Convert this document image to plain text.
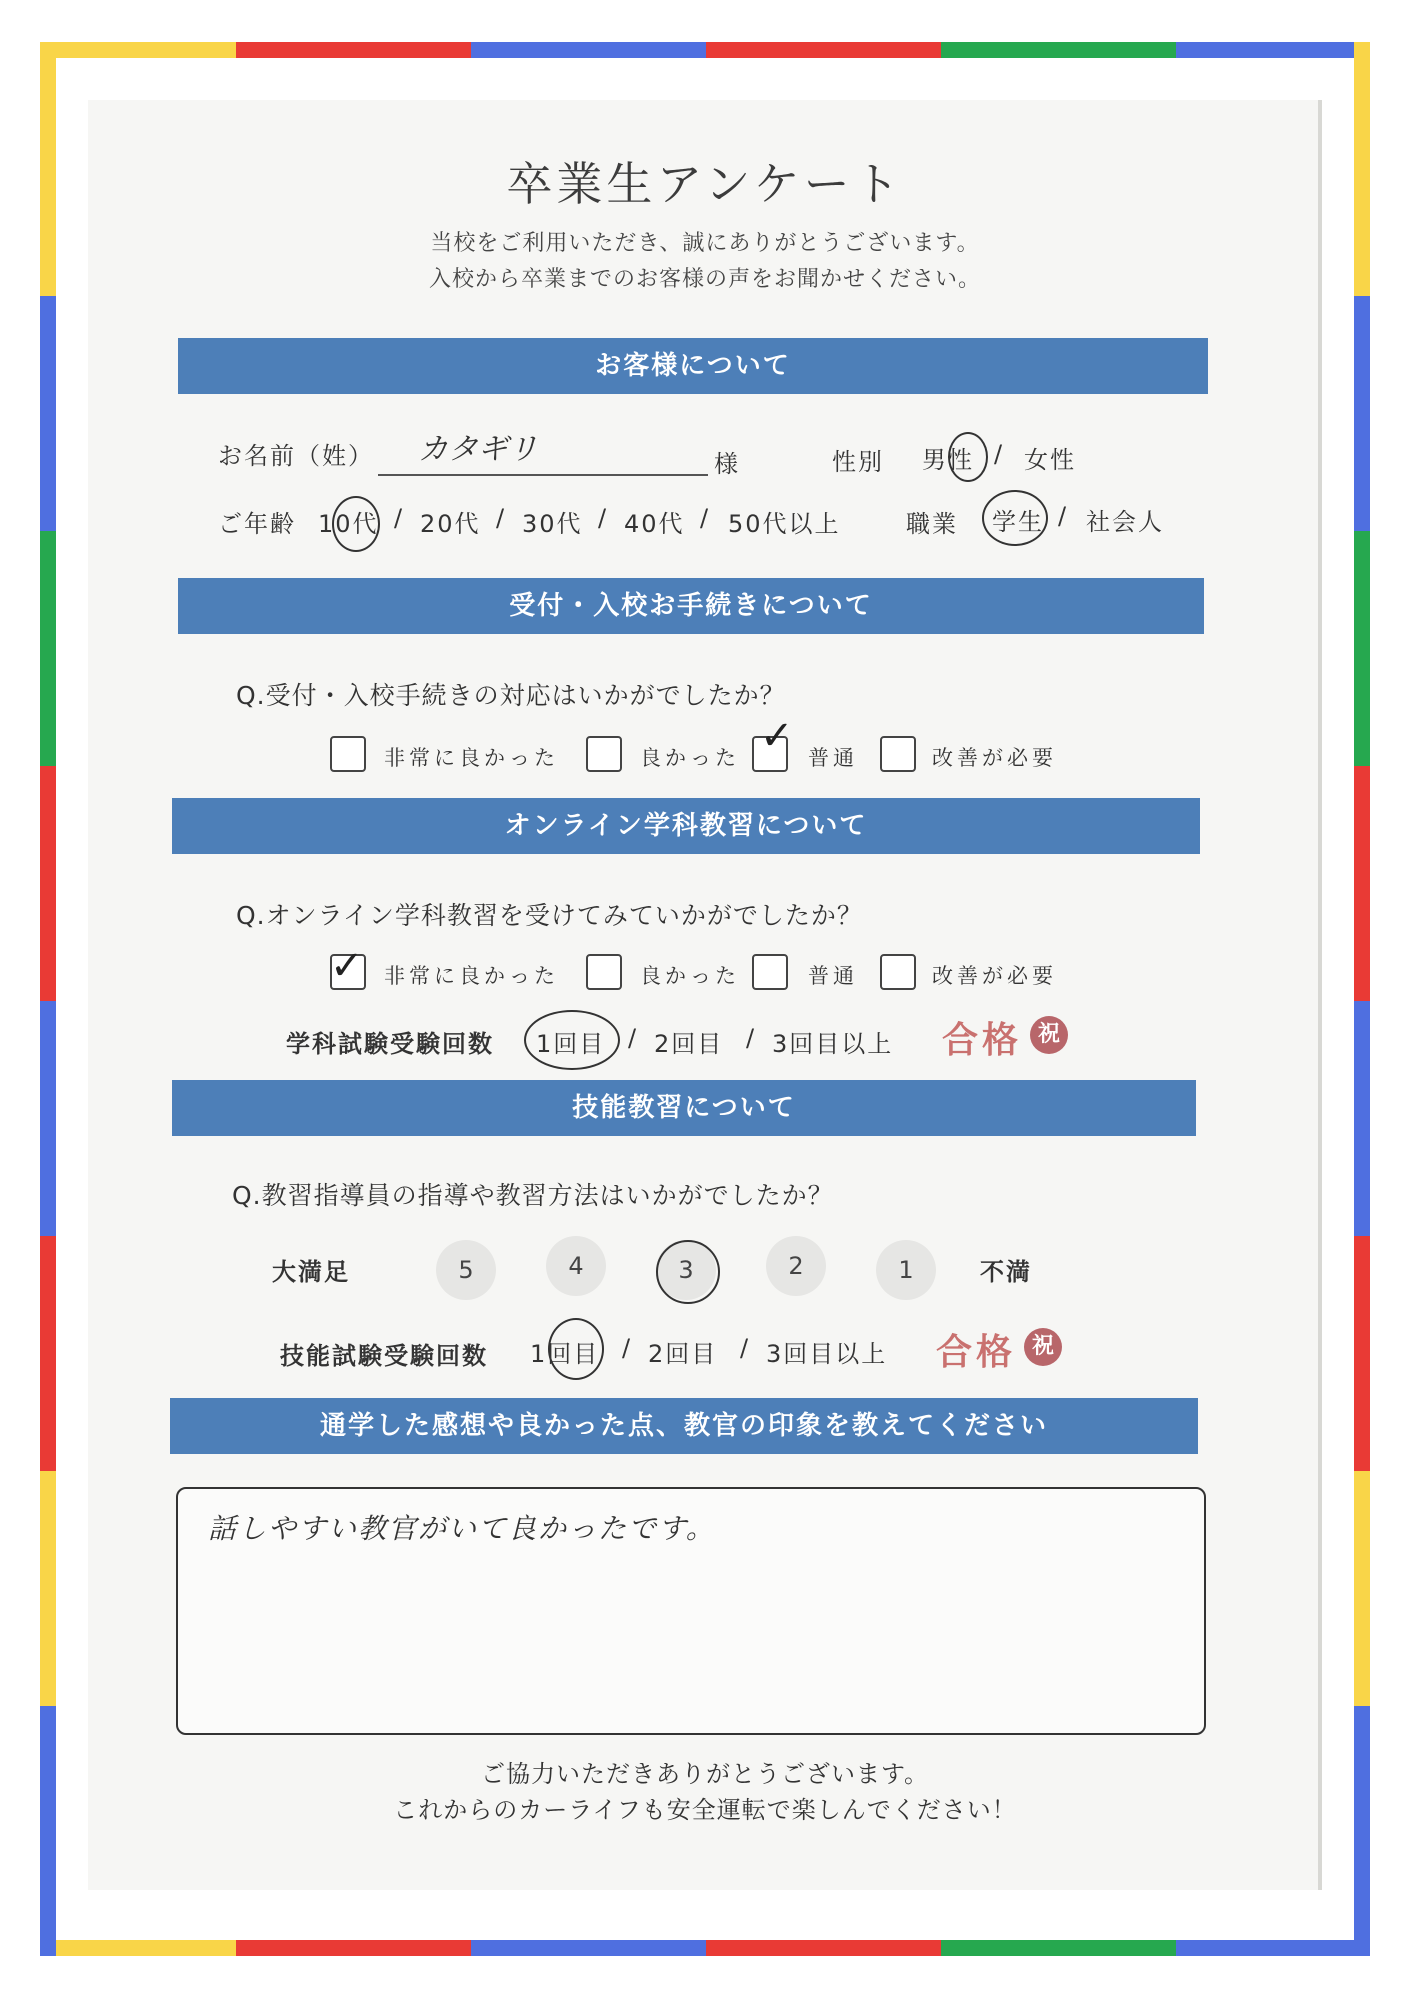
卒業生アンケート
当校をご利用いただき、誠にありがとうございます。
入校から卒業までのお客様の声をお聞かせください。
お客様について
お名前（姓） カタギリ	様	性別 男性 / 女性
ご年齢 10代 / 20代 / 30代 / 40代 / 50代以上	職業 学生 / 社会人
受付・入校お手続きについて
Q.受付・入校手続きの対応はいかがでしたか？
非常に良かった	良かった ✓ 普通	改善が必要
オンライン学科教習について
Q.オンライン学科教習を受けてみていかがでしたか？
✓ 非常に良かった	良かった	普通	改善が必要
学科試験受験回数 1回目 / 2回目 / 3回目以上 合格 祝
技能教習について
Q.教習指導員の指導や教習方法はいかがでしたか？
大満足	5	4	3	2	1	不満
技能試験受験回数 1回目 / 2回目 / 3回目以上 合格 祝
通学した感想や良かった点、教官の印象を教えてください
話しやすい教官がいて良かったです。
ご協力いただきありがとうございます。
これからのカーライフも安全運転で楽しんでください！
